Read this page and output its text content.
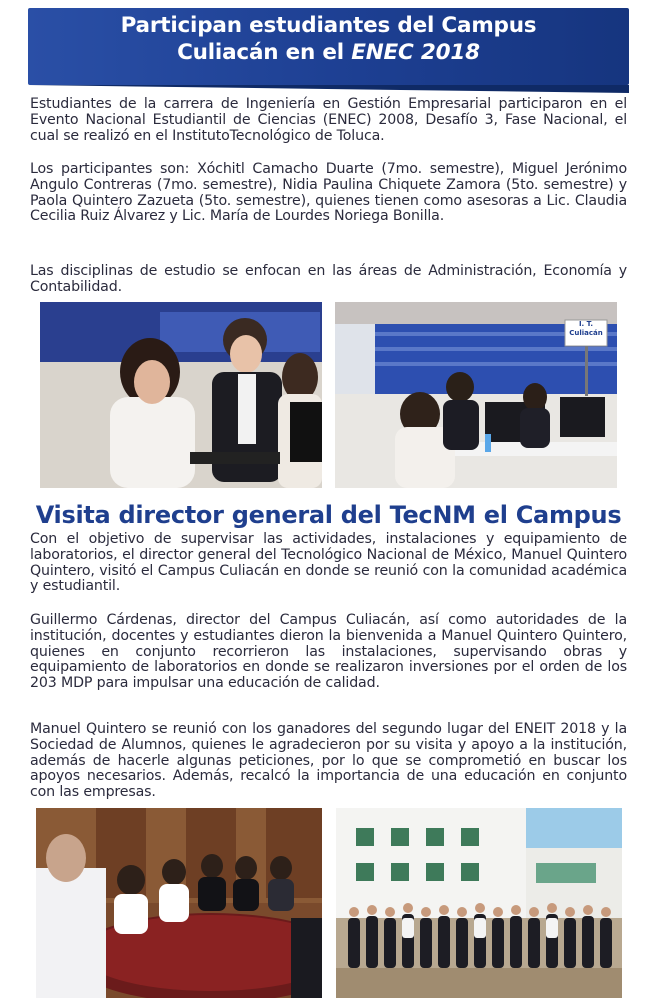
Participan estudiantes del Campus
Culiacán en el ENEC 2018

Estudiantes de la carrera de Ingeniería en Gestión Empresarial participaron en el Evento Nacional Estudiantil de Ciencias (ENEC) 2008, Desafío 3, Fase Nacional, el cual se realizó en el InstitutoTecnológico de Toluca.

Los participantes son: Xóchitl Camacho Duarte (7mo. semestre), Miguel Jerónimo Angulo Contreras (7mo. semestre), Nidia Paulina Chiquete Zamora (5to. semestre) y Paola Quintero Zazueta (5to. semestre), quienes tienen como asesoras a Lic. Claudia Cecilia Ruiz Álvarez y Lic. María de Lourdes Noriega Bonilla.

Las disciplinas de estudio se enfocan en las áreas de Administración, Economía y Contabilidad.

I. T.
Culiacán
Visita director general del TecNM el Campus

Con el objetivo de supervisar las actividades, instalaciones y equipamiento de laboratorios, el director general del Tecnológico Nacional de México, Manuel Quintero Quintero, visitó el Campus Culiacán en donde se reunió con la comunidad académica y estudiantil.

Guillermo Cárdenas, director del Campus Culiacán, así como autoridades de la institución, docentes y estudiantes dieron la bienvenida a Manuel Quintero Quintero, quienes en conjunto recorrieron las instalaciones, supervisando obras y equipamiento de laboratorios en donde se realizaron inversiones por el orden de los 203 MDP para impulsar una educación de calidad.

Manuel Quintero se reunió con los ganadores del segundo lugar del ENEIT 2018 y la Sociedad de Alumnos, quienes le agradecieron por su visita y apoyo a la institución, además de hacerle algunas peticiones, por lo que se comprometió en buscar los apoyos necesarios. Además, recalcó la importancia de una educación en conjunto con las empresas.
